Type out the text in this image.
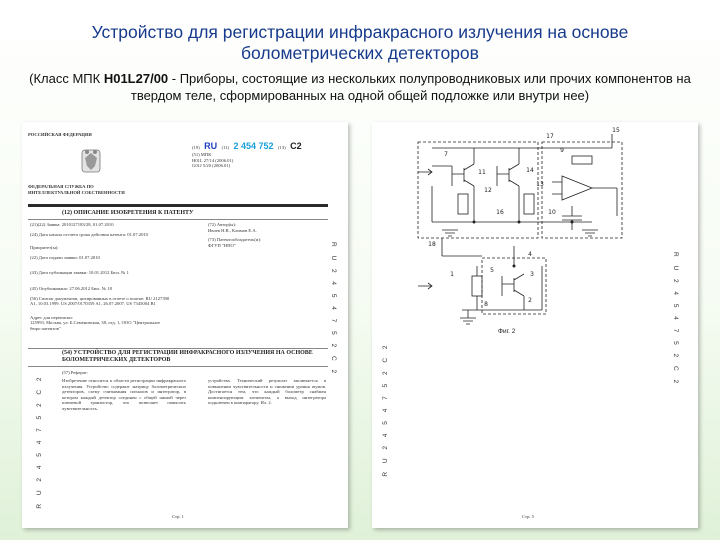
Устройство для регистрации инфракрасного излучения на основе болометрических детекторов
(Класс МПК H01L27/00 - Приборы, состоящие из нескольких полупроводниковых или прочих компонентов на твердом теле, сформированных на одной общей подложке или внутри нее)
РОССИЙСКАЯ ФЕДЕРАЦИЯ
ФЕДЕРАЛЬНАЯ СЛУЖБА ПО ИНТЕЛЛЕКТУАЛЬНОЙ СОБСТВЕННОСТИ
(19) RU (11) 2 454 752 (13) C2
(51) МПК
H01L 27/14 (2006.01)
G01J 5/20 (2006.01)
(12) ОПИСАНИЕ ИЗОБРЕТЕНИЯ К ПАТЕНТУ
(21)(22) Заявка: 2010127183/28, 01.07.2010
(24) Дата начала отсчета срока действия патента: 01.07.2010
Приоритет(ы):
(22) Дата подачи заявки: 01.07.2010
(43) Дата публикации заявки: 10.01.2012 Бюл. № 1
(45) Опубликовано: 27.06.2012 Бюл. № 18
(56) Список документов, цитированных в отчете о поиске: RU 2127390 A1, 10.03.1999. US 2007/0170359 A1, 26.07.2007. US 7345004 B1
Адрес для переписки:
125993, Москва, ул. Б.Семеновская, 38, отд. 1, ООО "Центральное бюро патентов"
(72) Автор(ы):
Ивлев Н.В., Климов Е.А.
(73) Патентообладатель(и):
ФГУП "НПО"	R U 2 4 5 4 7 5 2 C 2
(54) УСТРОЙСТВО ДЛЯ РЕГИСТРАЦИИ ИНФРАКРАСНОГО ИЗЛУЧЕНИЯ НА ОСНОВЕ БОЛОМЕТРИЧЕСКИХ ДЕТЕКТОРОВ
(57) Реферат:
Изобретение относится к области регистрации инфракрасного излучения. Устройство содержит матрицу болометрических детекторов, схему считывания сигналов и интегратор, в котором каждый детектор соединен с общей шиной через ключевой транзистор, что позволяет повысить чувствительность.
устройства. Технический результат заключается в повышении чувствительности и снижении уровня шумов. Достигается тем, что каждый болометр снабжен компенсирующим элементом, а выход интегратора подключен к компаратору. Ил. 2.
R U 2 4 5 4 7 5 2 C 2
Стр. 1
R U 2 4 5 4 7 5 2 C 2
R U 2 4 5 4 7 5 2 C 2
15
17
9
11
12
7
14
13
10
16
18
1
4
3
5
2
8
Фиг. 2
Стр. 5
